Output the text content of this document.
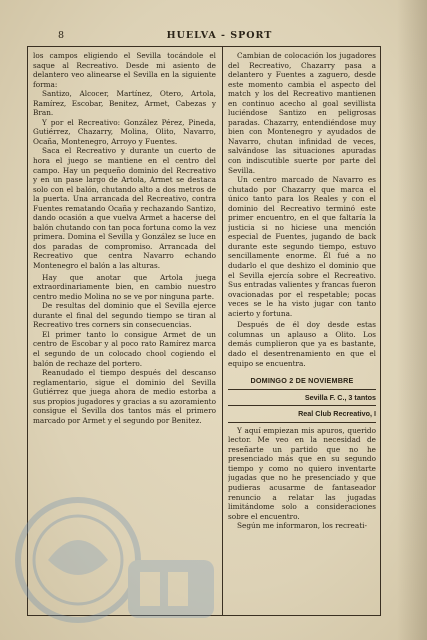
8	HUELVA - SPORT

los campos eligiendo el Sevilla tocándole el saque al Recreativo. Desde mi asiento de delantero veo alinearse el Sevilla en la siguiente forma:

Santizo, Alcocer, Martínez, Otero, Artola, Ramírez, Escobar, Benitez, Armet, Cabezas y Bran.

Y por el Recreativo: González Pérez, Pineda, Gutiérrez, Chazarry, Molina, Olito, Navarro, Ocaña, Montenegro, Arroyo y Fuentes.

Saca el Recreativo y durante un cuerto de hora el juego se mantiene en el centro del campo. Hay un pequeño dominio del Recreativo y en un pase largo de Artola, Armet se destaca solo con el balón, chutando alto a dos metros de la puerta. Una arrancada del Recreativo, contra Fuentes rematando Ocaña y rechazando Santizo, dando ocasión a que vuelva Armet a hacerse del balón chutando con tan poca fortuna como la vez primera. Domina el Sevilla y González se luce en dos paradas de compromiso. Arrancada del Recreativo que centra Navarro echando Montenegro el balón a las alturas.

Hay que anotar que Artola juega extraordinariamente bien, en cambio nuestro centro medio Molina no se ve por ninguna parte.

De resultas del dominio que el Sevilla ejerce durante el final del segundo tiempo se tiran al Recreativo tres corners sin consecuencias.

El primer tanto lo consigue Armet de un centro de Escobar y al poco rato Ramírez marca el segundo de un colocado chool cogiendo el balón de rechaze del portero.

Reanudado el tiempo después del descanso reglamentario, sigue el dominio del Sevilla Gutiérrez que juega ahora de medio estorba a sus propios jugadores y gracias a su azoramiento consigue el Sevilla dos tantos más el primero marcado por Armet y el segundo por Benitez.

Cambian de colocación los jugadores del Recreativo, Chazarry pasa a delantero y Fuentes a zaguero, desde este momento cambia el aspecto del match y los del Recreativo mantienen en continuo acecho al goal sevillista luciéndose Santizo en peligrosas paradas. Chazarry, entendiéndose muy bien con Montenegro y ayudados de Navarro, chutan infinidad de veces, salvándose las situaciones apuradas con indiscutible suerte por parte del Sevilla.

Un centro marcado de Navarro es chutado por Chazarry que marca el único tanto para los Reales y con el dominio del Recreativo terminó este primer encuentro, en el que faltaría la justicia si no hiciese una mención especial de Fuentes, jugando de back durante este segundo tiempo, estuvo sencillamente enorme. Él fué a no dudarlo el que deshizo el dominio que el Sevilla ejercía sobre el Recreativo. Sus entradas valientes y francas fueron ovacionadas por el respetable; pocas veces se le ha visto jugar con tanto acierto y fortuna.

Después de él doy desde estas columnas un aplauso a Olito. Los demás cumplieron que ya es bastante, dado el desentrenamiento en que el equipo se encuentra.

DOMINGO 2 DE NOVIEMBRE
Sevilla F. C., 3 tantos
Real Club Recreativo, I

Y aquí empiezan mis apuros, querido lector. Me veo en la necesidad de reseñarte un partido que no he presenciado más que en su segundo tiempo y como no quiero inventarte jugadas que no he presenciado y que pudieras acusarme de fantaseador renuncio a relatar las jugadas limitándome solo a consideraciones sobre el encuentro.

Según me informaron, los recreati-
